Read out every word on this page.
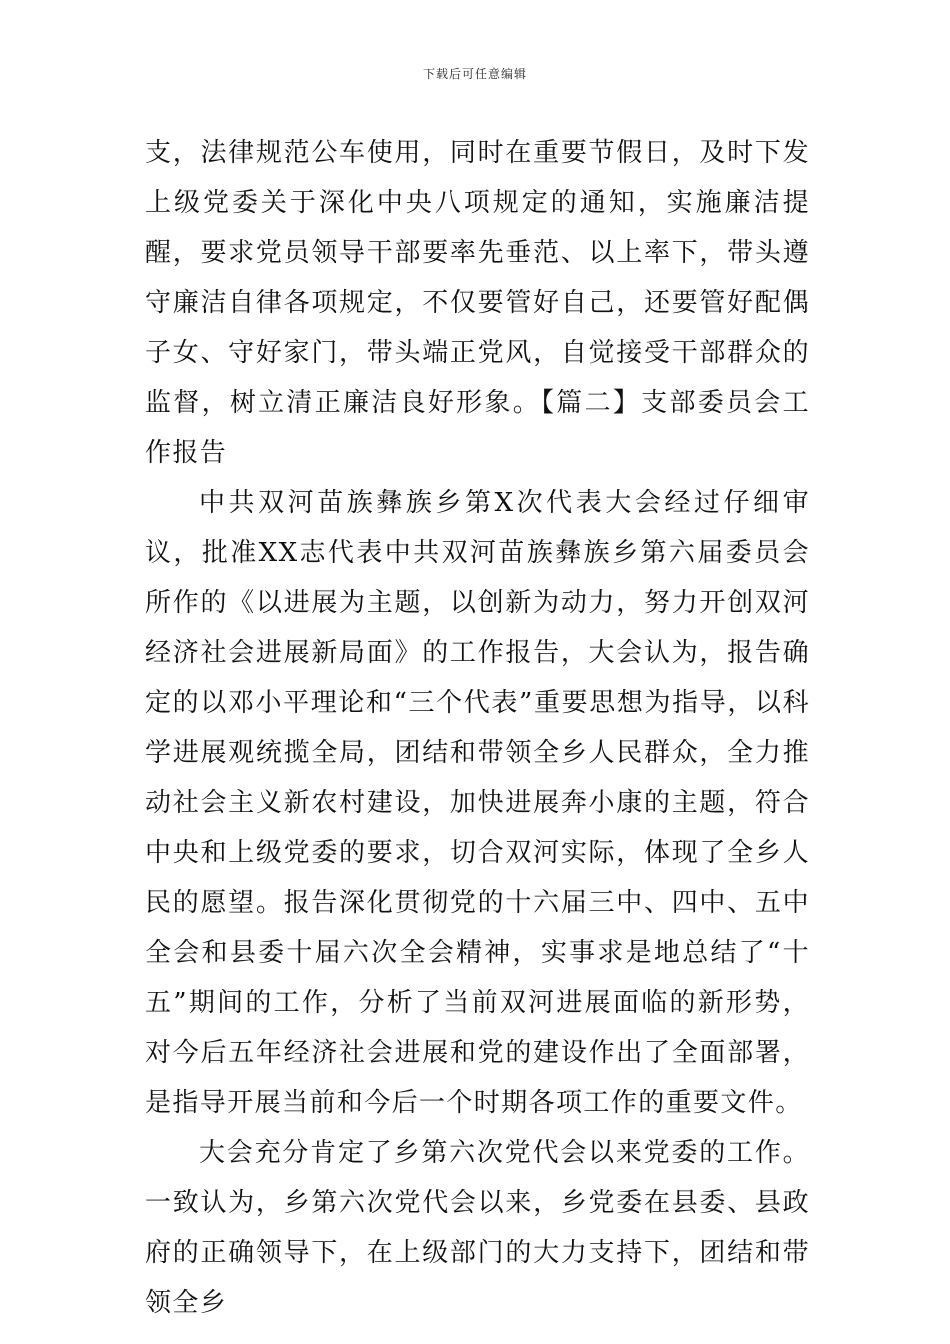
下载后可任意编辑

支，法律规范公车使用，同时在重要节假日，及时下发上级党委关于深化中央八项规定的通知，实施廉洁提醒，要求党员领导干部要率先垂范、以上率下，带头遵守廉洁自律各项规定，不仅要管好自己，还要管好配偶子女、守好家门，带头端正党风，自觉接受干部群众的监督，树立清正廉洁良好形象。【篇二】支部委员会工作报告

中共双河苗族彝族乡第X次代表大会经过仔细审议，批准XX志代表中共双河苗族彝族乡第六届委员会所作的《以进展为主题，以创新为动力，努力开创双河经济社会进展新局面》的工作报告，大会认为，报告确定的以邓小平理论和“三个代表”重要思想为指导，以科学进展观统揽全局，团结和带领全乡人民群众，全力推动社会主义新农村建设，加快进展奔小康的主题，符合中央和上级党委的要求，切合双河实际，体现了全乡人民的愿望。报告深化贯彻党的十六届三中、四中、五中全会和县委十届六次全会精神，实事求是地总结了“十五”期间的工作，分析了当前双河进展面临的新形势，对今后五年经济社会进展和党的建设作出了全面部署，是指导开展当前和今后一个时期各项工作的重要文件。

大会充分肯定了乡第六次党代会以来党委的工作。一致认为，乡第六次党代会以来，乡党委在县委、县政府的正确领导下，在上级部门的大力支持下，团结和带领全乡
